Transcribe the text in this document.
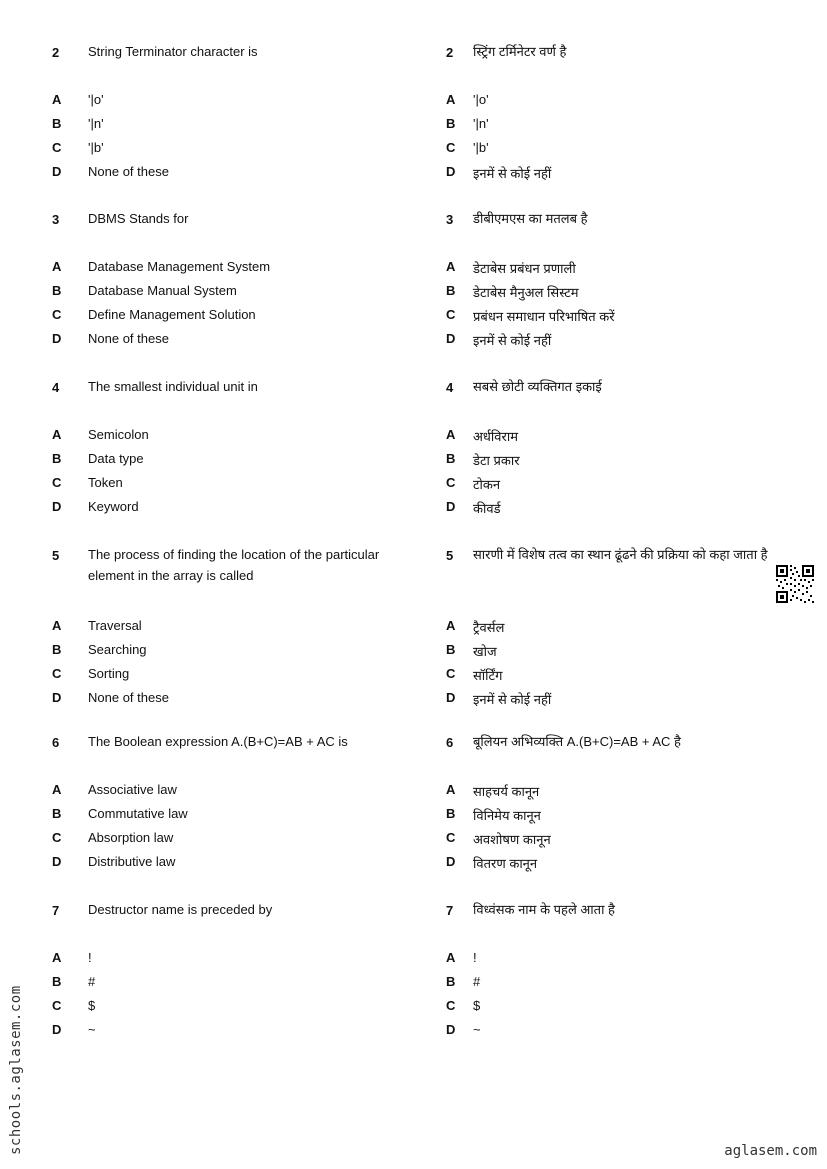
2 String Terminator character is
A '|o'
B '|n'
C '|b'
D None of these
3 DBMS Stands for
A Database Management System
B Database Manual System
C Define Management Solution
D None of these
4 The smallest individual unit in
A Semicolon
B Data type
C Token
D Keyword
5 The process of finding the location of the particular element in the array is called
A Traversal
B Searching
C Sorting
D None of these
6 The Boolean expression A.(B+C)=AB + AC is
A Associative law
B Commutative law
C Absorption law
D Distributive law
7 Destructor name is preceded by
A !
B #
C $
D ~
2 स्ट्रिंग टर्मिनेटर वर्ण है
A '|o'
B '|n'
C '|b'
D इनमें से कोई नहीं
3 डीबीएमएस का मतलब है
A डेटाबेस प्रबंधन प्रणाली
B डेटाबेस मैनुअल सिस्टम
C प्रबंधन समाधान परिभाषित करें
D इनमें से कोई नहीं
4 सबसे छोटी व्यक्तिगत इकाई
A अर्धविराम
B डेटा प्रकार
C टोकन
D कीवर्ड
5 सारणी में विशेष तत्व का स्थान ढूंढने की प्रक्रिया को कहा जाता है
A ट्रैवर्सल
B खोज
C सॉर्टिंग
D इनमें से कोई नहीं
6 बूलियन अभिव्यक्ति A.(B+C)=AB + AC है
A साहचर्य कानून
B विनिमेय कानून
C अवशोषण कानून
D वितरण कानून
7 विध्वंसक नाम के पहले आता है
A !
B #
C $
D ~
schools.aglasem.com	aglasem.com
